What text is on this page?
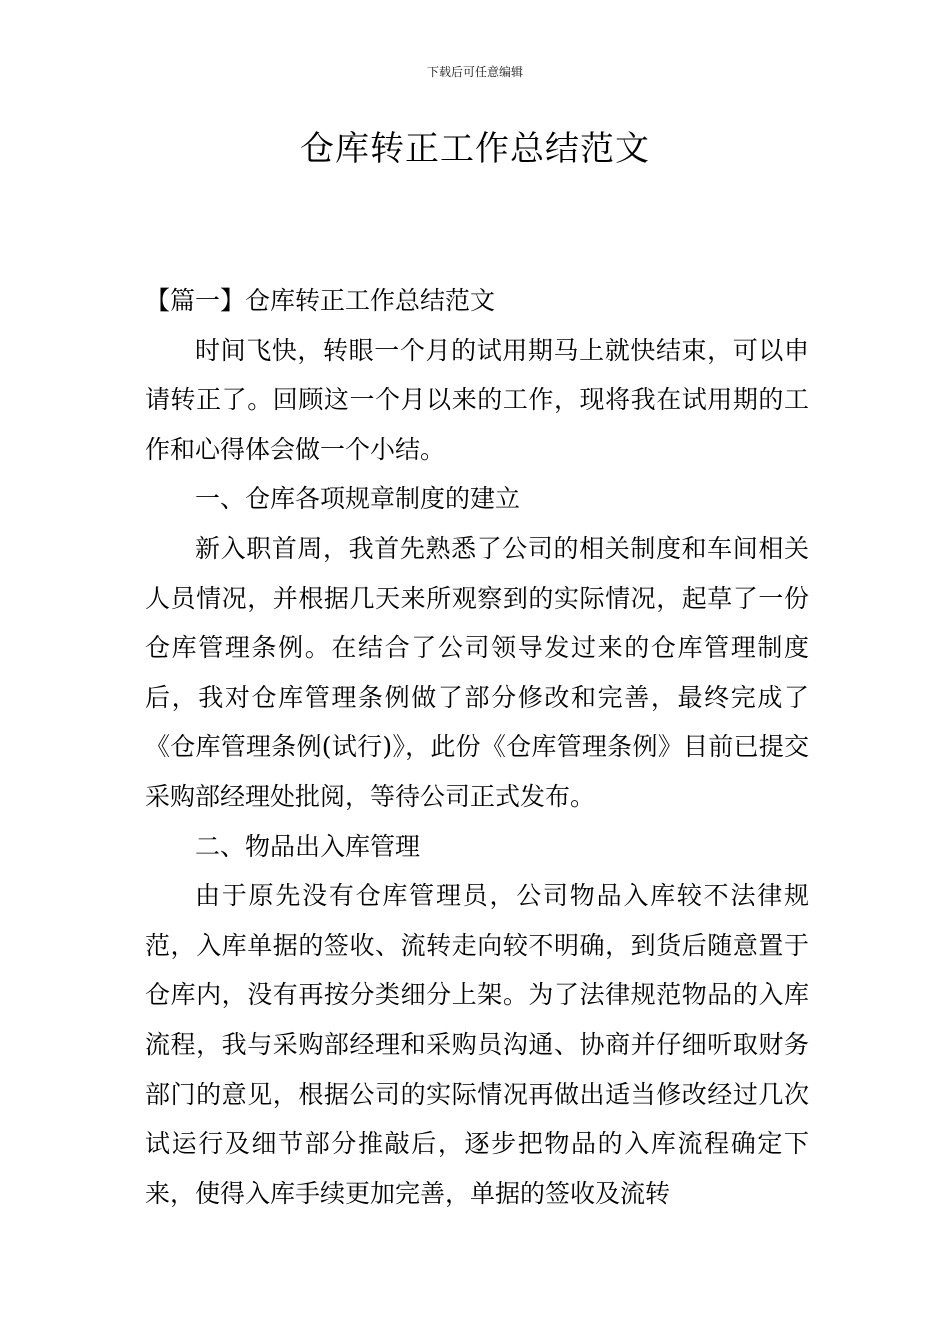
下载后可任意编辑
仓库转正工作总结范文

【篇一】仓库转正工作总结范文

时间飞快，转眼一个月的试用期马上就快结束，可以申请转正了。回顾这一个月以来的工作，现将我在试用期的工作和心得体会做一个小结。

一、仓库各项规章制度的建立

新入职首周，我首先熟悉了公司的相关制度和车间相关人员情况，并根据几天来所观察到的实际情况，起草了一份仓库管理条例。在结合了公司领导发过来的仓库管理制度后，我对仓库管理条例做了部分修改和完善，最终完成了《仓库管理条例(试行)》，此份《仓库管理条例》目前已提交采购部经理处批阅，等待公司正式发布。

二、物品出入库管理

由于原先没有仓库管理员，公司物品入库较不法律规范，入库单据的签收、流转走向较不明确，到货后随意置于仓库内，没有再按分类细分上架。为了法律规范物品的入库流程，我与采购部经理和采购员沟通、协商并仔细听取财务部门的意见，根据公司的实际情况再做出适当修改经过几次试运行及细节部分推敲后，逐步把物品的入库流程确定下来，使得入库手续更加完善，单据的签收及流转
